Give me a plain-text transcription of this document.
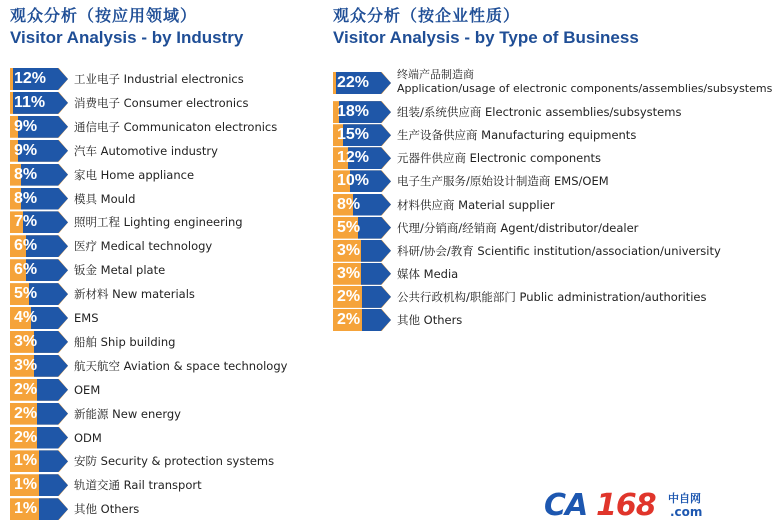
观众分析（按应用领域）
Visitor Analysis - by Industry
12% 工业电子 Industrial electronics
11%	消费电子 Consumer electronics
9%	通信电子 Communicaton electronics
9%	汽车 Automotive industry
8%	家电 Home appliance
8%	模具 Mould
7%	照明工程 Lighting engineering
6%	医疗 Medical technology
6%	钣金 Metal plate
5%	新材料 New materials
4%	EMS
3%	船舶 Ship building
3%	航天航空 Aviation & space technology
2%	OEM
2%	新能源 New energy
2%	ODM
1%	安防 Security & protection systems
1%	轨道交通 Rail transport
1%	其他 Others
观众分析（按企业性质）
Visitor Analysis - by Type of Business
22%	终端产品制造商
Application/usage of electronic components/assemblies/subsystems
18% 组装/系统供应商 Electronic assemblies/subsystems
15% 生产设备供应商 Manufacturing equipments
12% 元器件供应商 Electronic components
10% 电子生产服务/原始设计制造商 EMS/OEM
8%	材料供应商 Material supplier
5%	代理/分销商/经销商 Agent/distributor/dealer
3%	科研/协会/教育 Scientific institution/association/university
3%	媒体 Media
2%	公共行政机构/职能部门 Public administration/authorities
2%	其他 Others
CA 168 中自网
.com
